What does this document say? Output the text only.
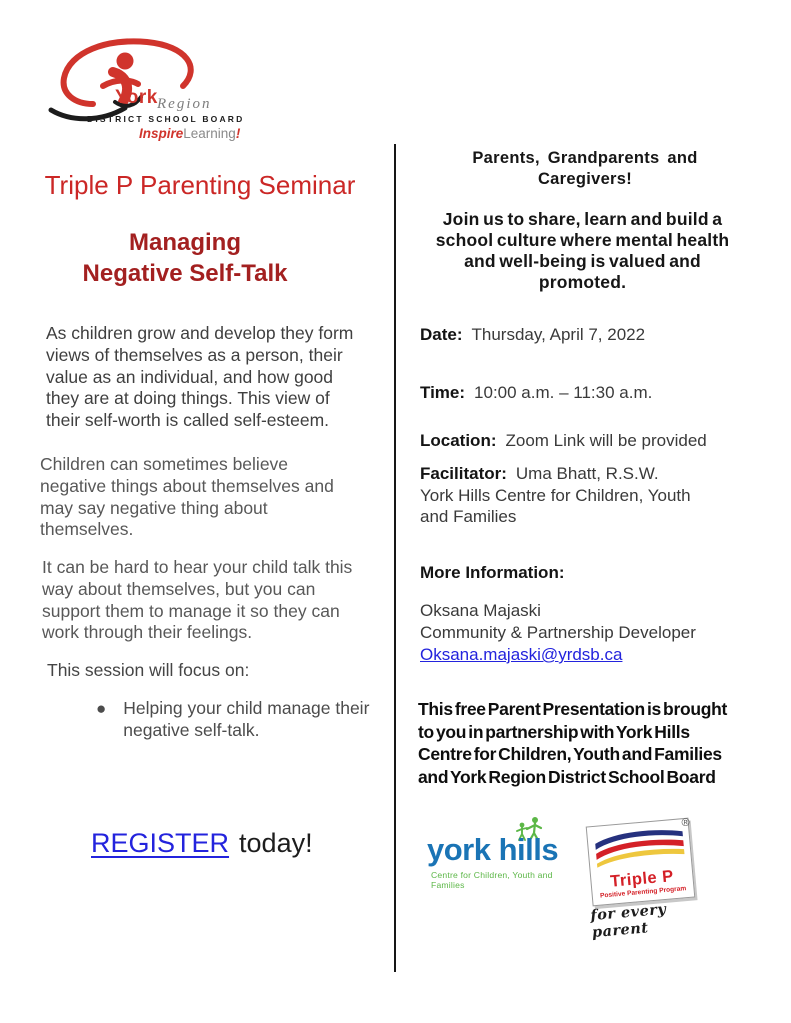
York Region
DISTRICT SCHOOL BOARD
InspireLearning!
Triple P Parenting Seminar
Managing
Negative Self-Talk
As children grow and develop they form
views of themselves as a person, their
value as an individual, and how good
they are at doing things. This view of
their self-worth is called self-esteem.
Children can sometimes believe
negative things about themselves and
may say negative thing about
themselves.
It can be hard to hear your child talk this
way about themselves, but you can
support them to manage it so they can
work through their feelings.
This session will focus on:
●︎ Helping your child manage their
negative self-talk.
REGISTER today!
Parents, Grandparents and
Caregivers!
Join us to share, learn and build a
school culture where mental health
and well-being is valued and
promoted.
Date: Thursday, April 7, 2022
Time: 10:00 a.m. – 11:30 a.m.
Location: Zoom Link will be provided
Facilitator: Uma Bhatt, R.S.W.
York Hills Centre for Children, Youth
and Families
More Information:
Oksana Majaski
Community & Partnership Developer
Oksana.majaski@yrdsb.ca
This free Parent Presentation is brought
to you in partnership with York Hills
Centre for Children, Youth and Families
and York Region District School Board
york hills
Centre for Children, Youth and Families
®
Triple P
Positive Parenting Program
for every parent
